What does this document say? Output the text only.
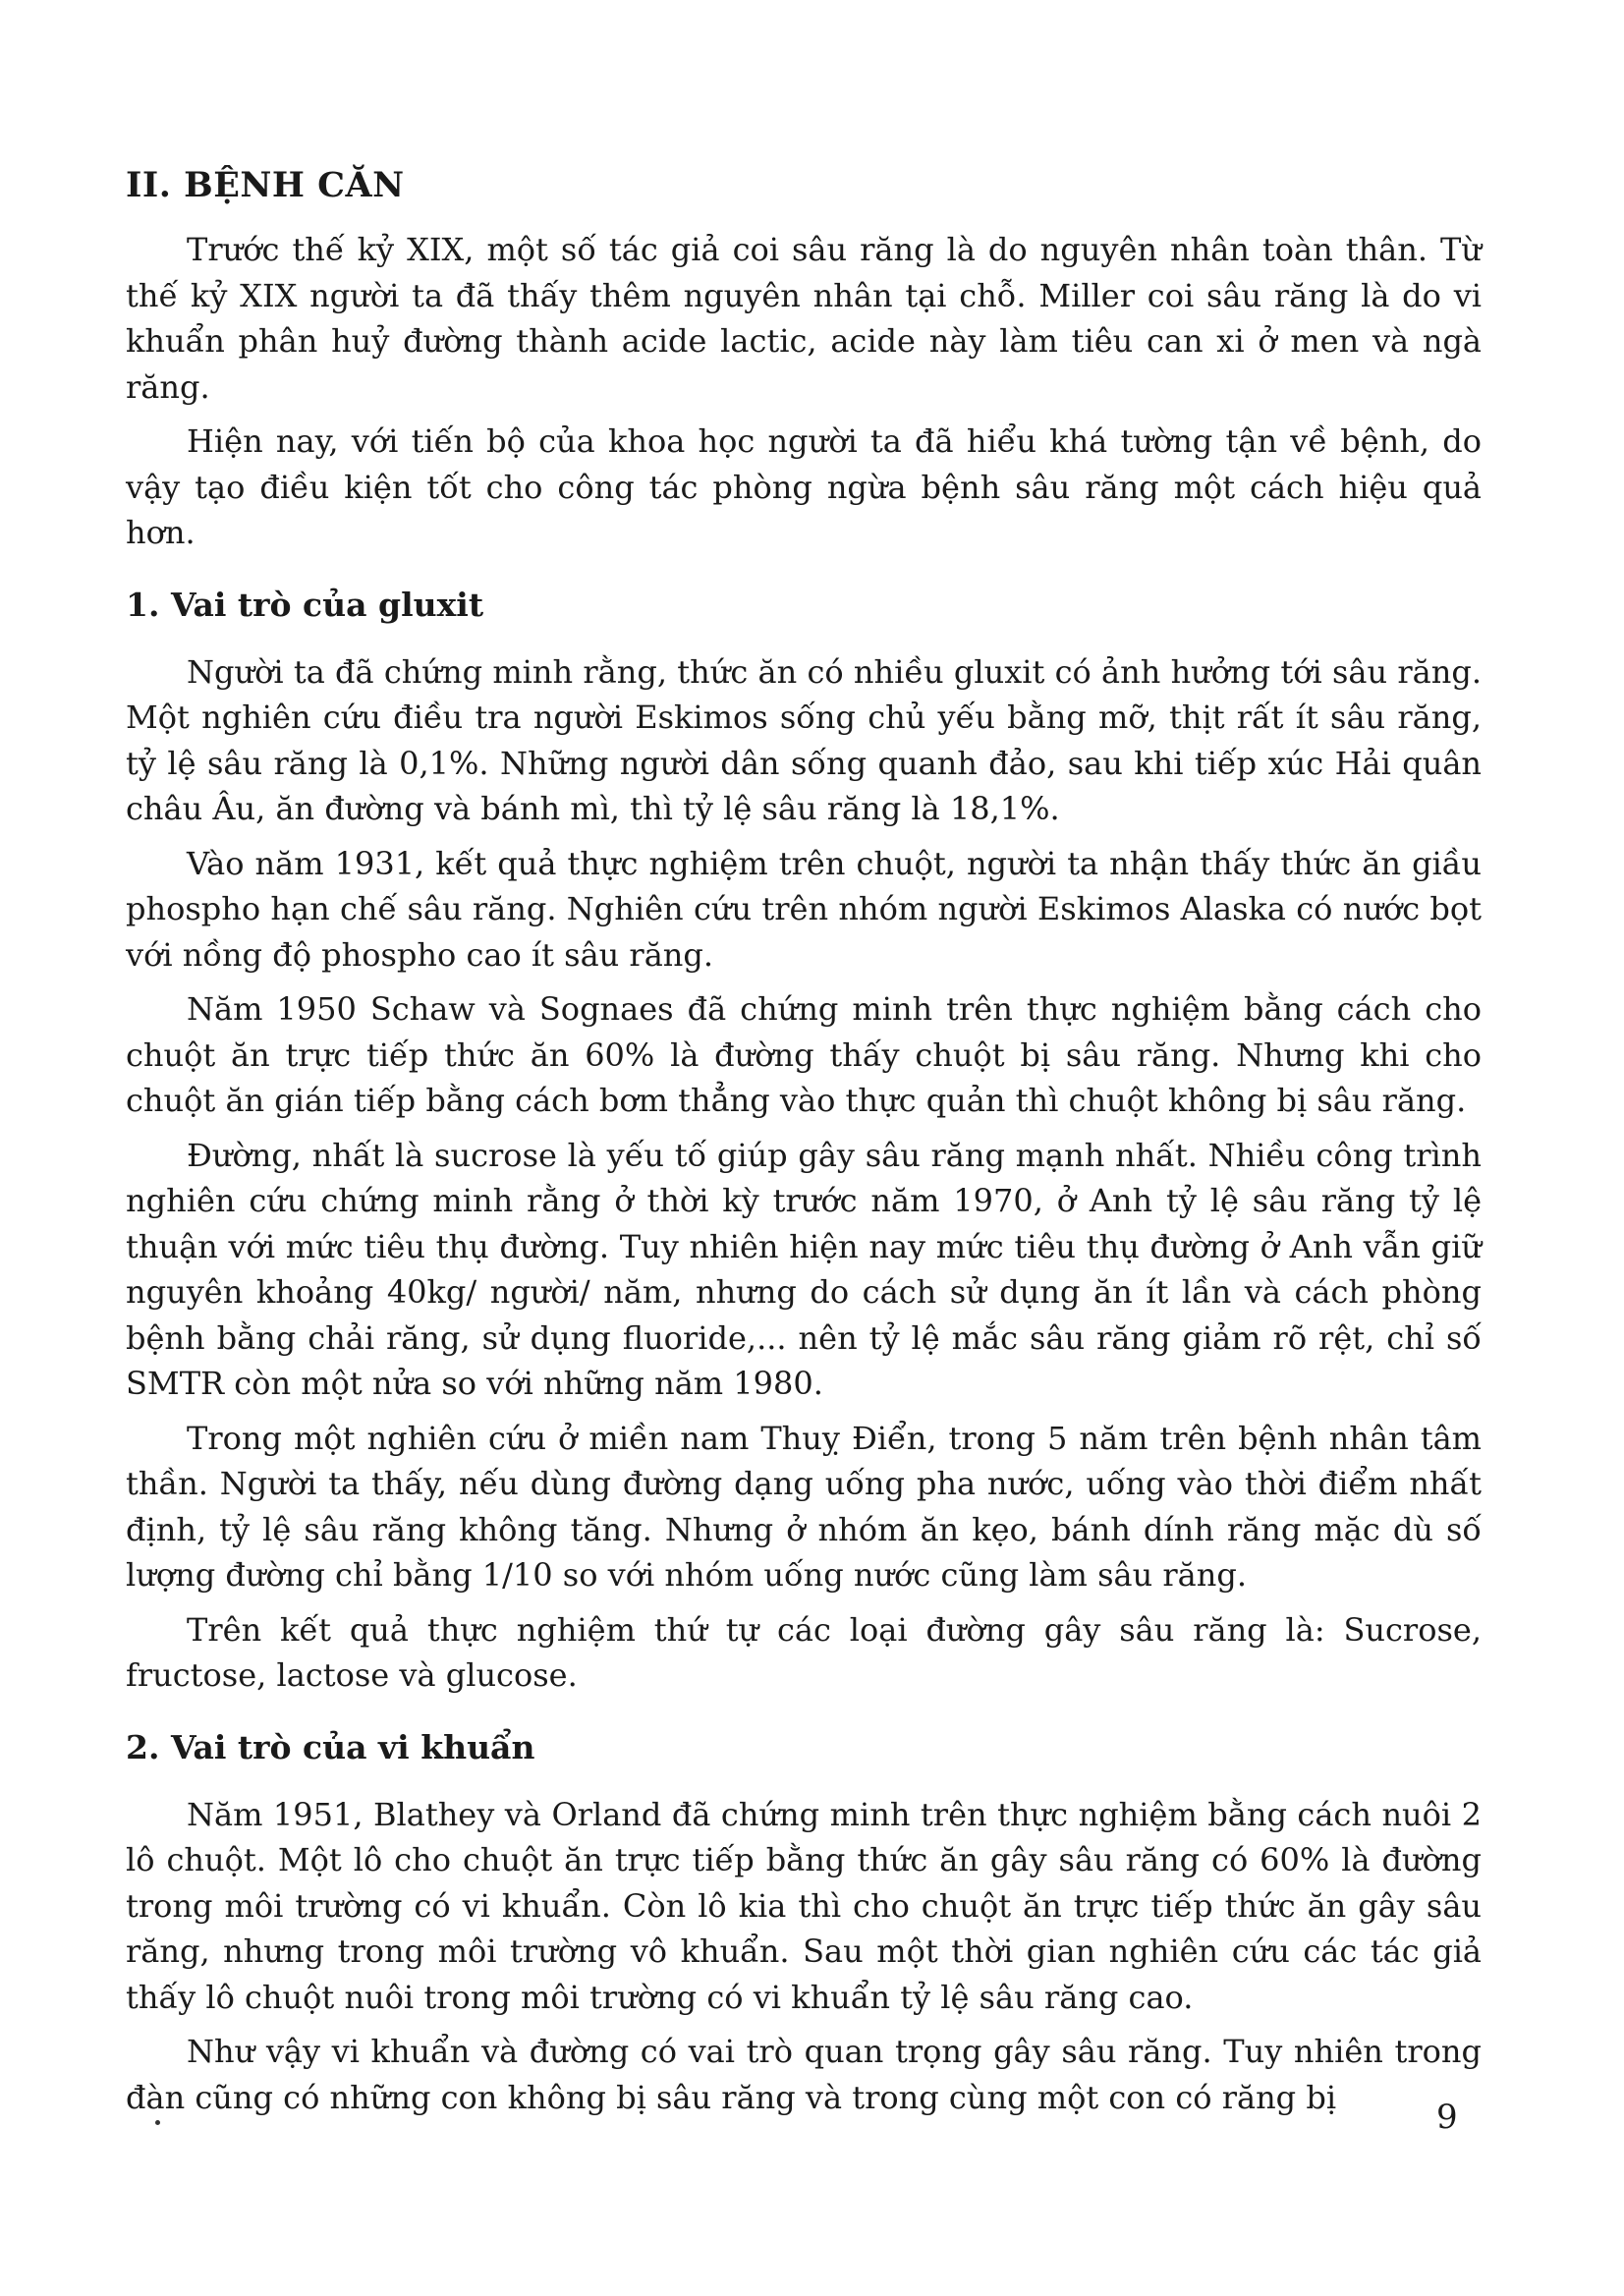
II. BỆNH CĂN

Trước thế kỷ XIX, một số tác giả coi sâu răng là do nguyên nhân toàn thân. Từ thế kỷ XIX người ta đã thấy thêm nguyên nhân tại chỗ. Miller coi sâu răng là do vi khuẩn phân huỷ đường thành acide lactic, acide này làm tiêu can xi ở men và ngà răng.

Hiện nay, với tiến bộ của khoa học người ta đã hiểu khá tường tận về bệnh, do vậy tạo điều kiện tốt cho công tác phòng ngừa bệnh sâu răng một cách hiệu quả hơn.

1. Vai trò của gluxit

Người ta đã chứng minh rằng, thức ăn có nhiều gluxit có ảnh hưởng tới sâu răng. Một nghiên cứu điều tra người Eskimos sống chủ yếu bằng mỡ, thịt rất ít sâu răng, tỷ lệ sâu răng là 0,1%. Những người dân sống quanh đảo, sau khi tiếp xúc Hải quân châu Âu, ăn đường và bánh mì, thì tỷ lệ sâu răng là 18,1%.

Vào năm 1931, kết quả thực nghiệm trên chuột, người ta nhận thấy thức ăn giầu phospho hạn chế sâu răng. Nghiên cứu trên nhóm người Eskimos Alaska có nước bọt với nồng độ phospho cao ít sâu răng.

Năm 1950 Schaw và Sognaes đã chứng minh trên thực nghiệm bằng cách cho chuột ăn trực tiếp thức ăn 60% là đường thấy chuột bị sâu răng. Nhưng khi cho chuột ăn gián tiếp bằng cách bơm thẳng vào thực quản thì chuột không bị sâu răng.

Đường, nhất là sucrose là yếu tố giúp gây sâu răng mạnh nhất. Nhiều công trình nghiên cứu chứng minh rằng ở thời kỳ trước năm 1970, ở Anh tỷ lệ sâu răng tỷ lệ thuận với mức tiêu thụ đường. Tuy nhiên hiện nay mức tiêu thụ đường ở Anh vẫn giữ nguyên khoảng 40kg/ người/ năm, nhưng do cách sử dụng ăn ít lần và cách phòng bệnh bằng chải răng, sử dụng fluoride,... nên tỷ lệ mắc sâu răng giảm rõ rệt, chỉ số SMTR còn một nửa so với những năm 1980.

Trong một nghiên cứu ở miền nam Thuỵ Điển, trong 5 năm trên bệnh nhân tâm thần. Người ta thấy, nếu dùng đường dạng uống pha nước, uống vào thời điểm nhất định, tỷ lệ sâu răng không tăng. Nhưng ở nhóm ăn kẹo, bánh dính răng mặc dù số lượng đường chỉ bằng 1/10 so với nhóm uống nước cũng làm sâu răng.

Trên kết quả thực nghiệm thứ tự các loại đường gây sâu răng là: Sucrose, fructose, lactose và glucose.

2. Vai trò của vi khuẩn

Năm 1951, Blathey và Orland đã chứng minh trên thực nghiệm bằng cách nuôi 2 lô chuột. Một lô cho chuột ăn trực tiếp bằng thức ăn gây sâu răng có 60% là đường trong môi trường có vi khuẩn. Còn lô kia thì cho chuột ăn trực tiếp thức ăn gây sâu răng, nhưng trong môi trường vô khuẩn. Sau một thời gian nghiên cứu các tác giả thấy lô chuột nuôi trong môi trường có vi khuẩn tỷ lệ sâu răng cao.

Như vậy vi khuẩn và đường có vai trò quan trọng gây sâu răng. Tuy nhiên trong đàn cũng có những con không bị sâu răng và trong cùng một con có răng bị

9
